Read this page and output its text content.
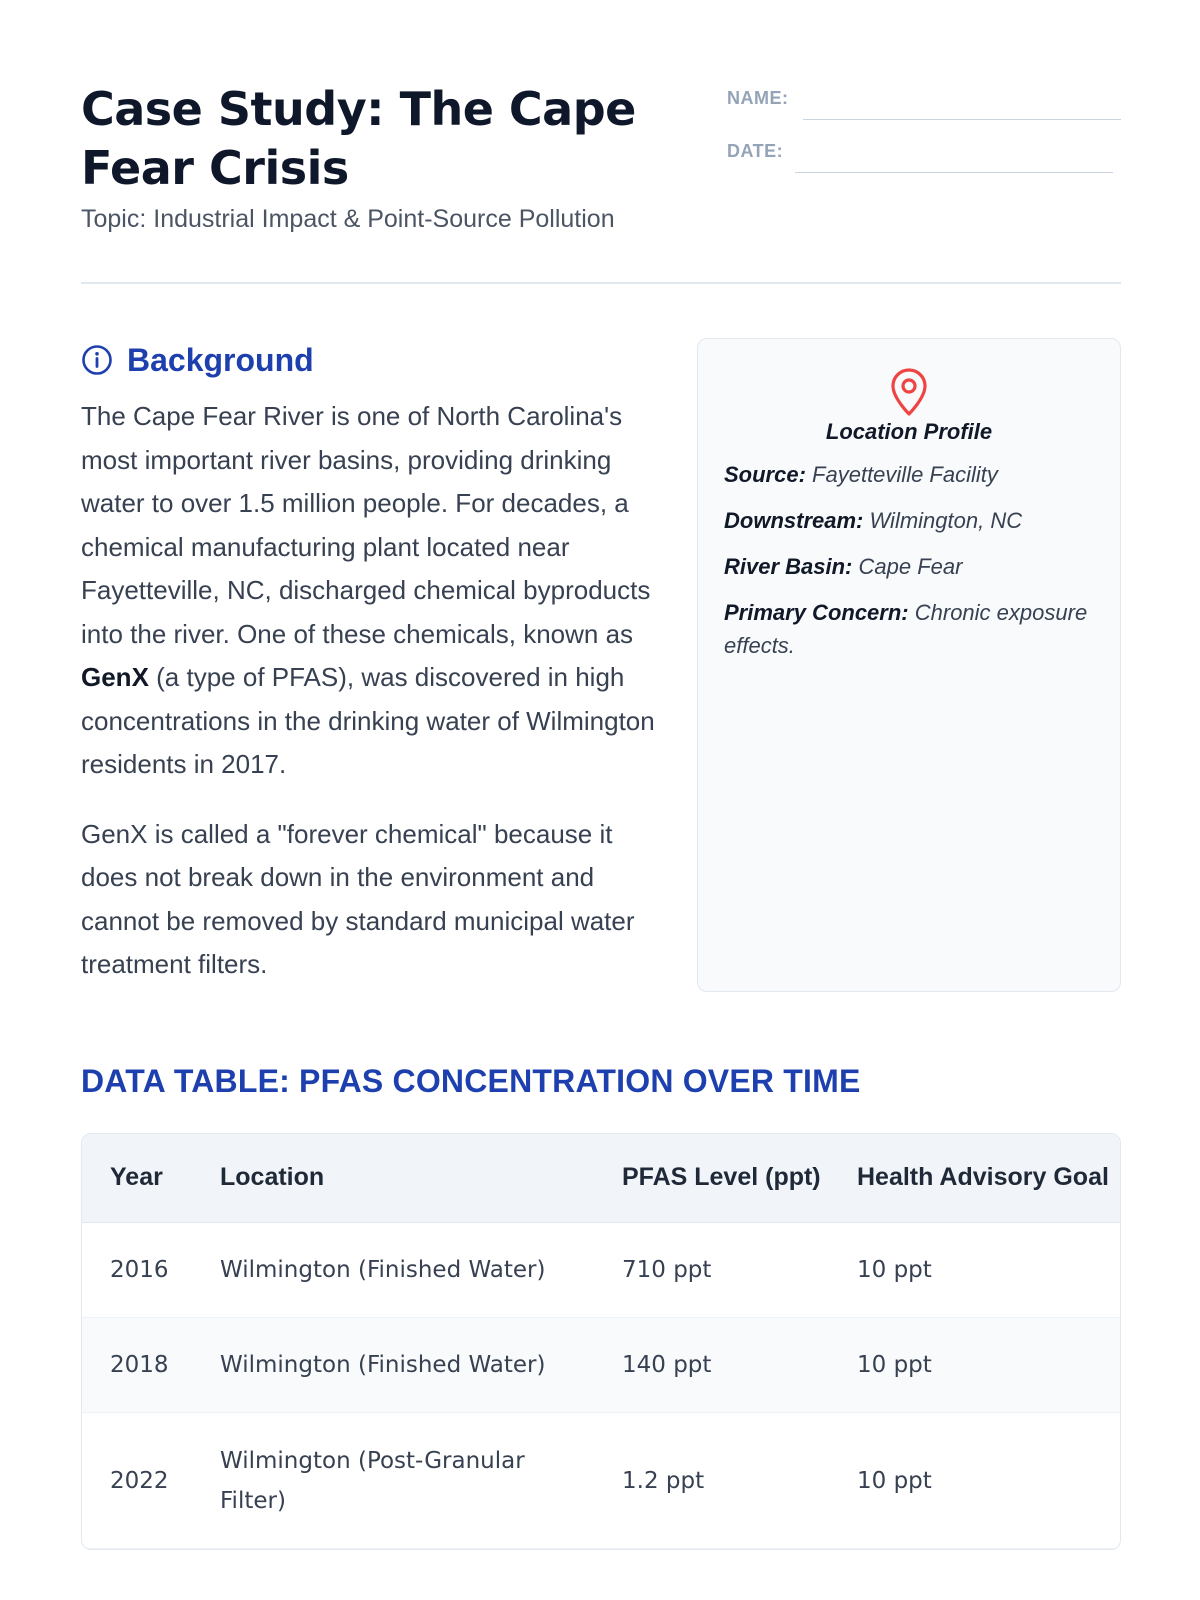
Case Study: The Cape Fear Crisis
Topic: Industrial Impact & Point-Source Pollution
NAME:
DATE:
Background

The Cape Fear River is one of North Carolina's most important river basins, providing drinking water to over 1.5 million people. For decades, a chemical manufacturing plant located near Fayetteville, NC, discharged chemical byproducts into the river. One of these chemicals, known as GenX (a type of PFAS), was discovered in high concentrations in the drinking water of Wilmington residents in 2017.

GenX is called a "forever chemical" because it does not break down in the environment and cannot be removed by standard municipal water treatment filters.

Location Profile
Source: Fayetteville Facility
Downstream: Wilmington, NC
River Basin: Cape Fear
Primary Concern: Chronic exposure effects.
DATA TABLE: PFAS CONCENTRATION OVER TIME
Year	Location	PFAS Level (ppt)	Health Advisory Goal
2016	Wilmington (Finished Water)	710 ppt	10 ppt
2018	Wilmington (Finished Water)	140 ppt	10 ppt
2022	Wilmington (Post-Granular Filter)	1.2 ppt	10 ppt
